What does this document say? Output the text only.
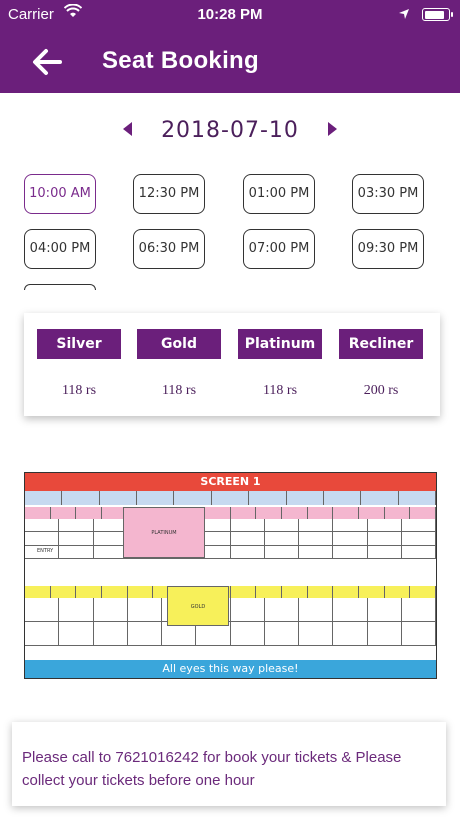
Carrier	10:28 PM
Seat Booking
2018-07-10
10:00 AM	12:30 PM	01:00 PM	03:30 PM
04:00 PM	06:30 PM	07:00 PM	09:30 PM
Silver	Gold	Platinum	Recliner
118 rs	118 rs	118 rs	200 rs
SCREEN 1
PLATINUM
ENTRY
GOLD
All eyes this way please!

Please call to 7621016242 for book your tickets & Please collect your tickets before one hour
